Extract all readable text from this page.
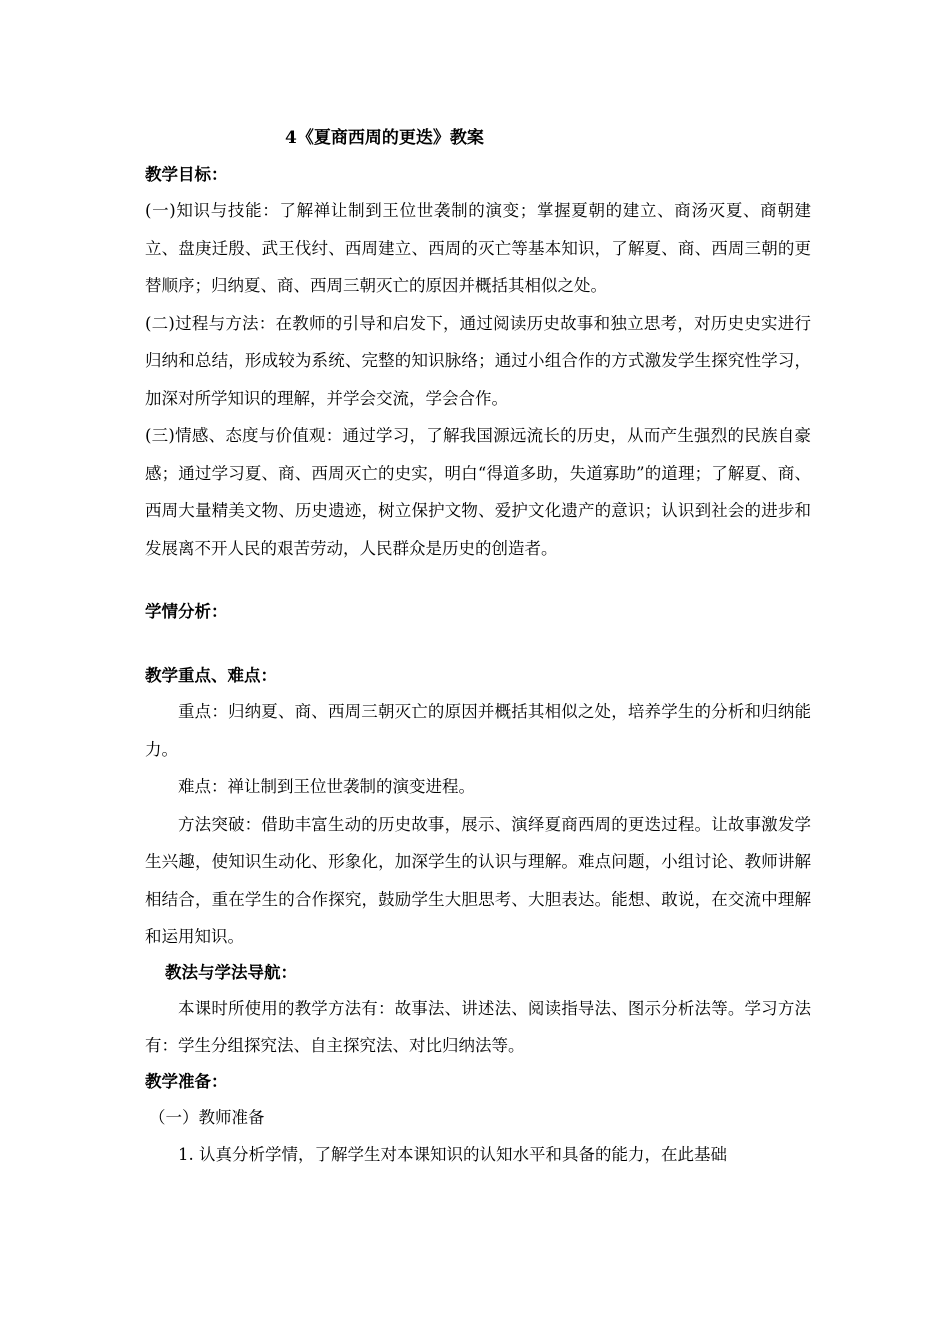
4《夏商西周的更迭》教案
教学目标：

(一)知识与技能：了解禅让制到王位世袭制的演变；掌握夏朝的建立、商汤灭夏、商朝建立、盘庚迁殷、武王伐纣、西周建立、西周的灭亡等基本知识，了解夏、商、西周三朝的更替顺序；归纳夏、商、西周三朝灭亡的原因并概括其相似之处。

(二)过程与方法：在教师的引导和启发下，通过阅读历史故事和独立思考，对历史史实进行归纳和总结，形成较为系统、完整的知识脉络；通过小组合作的方式激发学生探究性学习，加深对所学知识的理解，并学会交流，学会合作。

(三)情感、态度与价值观：通过学习，了解我国源远流长的历史，从而产生强烈的民族自豪感；通过学习夏、商、西周灭亡的史实，明白“得道多助，失道寡助”的道理；了解夏、商、西周大量精美文物、历史遗迹，树立保护文物、爱护文化遗产的意识；认识到社会的进步和发展离不开人民的艰苦劳动，人民群众是历史的创造者。

学情分析：
教学重点、难点：

重点：归纳夏、商、西周三朝灭亡的原因并概括其相似之处，培养学生的分析和归纳能力。

难点：禅让制到王位世袭制的演变进程。

方法突破：借助丰富生动的历史故事，展示、演绎夏商西周的更迭过程。让故事激发学生兴趣，使知识生动化、形象化，加深学生的认识与理解。难点问题，小组讨论、教师讲解相结合，重在学生的合作探究，鼓励学生大胆思考、大胆表达。能想、敢说，在交流中理解和运用知识。

教法与学法导航：

本课时所使用的教学方法有：故事法、讲述法、阅读指导法、图示分析法等。学习方法有：学生分组探究法、自主探究法、对比归纳法等。

教学准备：

（一）教师准备

1. 认真分析学情，了解学生对本课知识的认知水平和具备的能力，在此基础
